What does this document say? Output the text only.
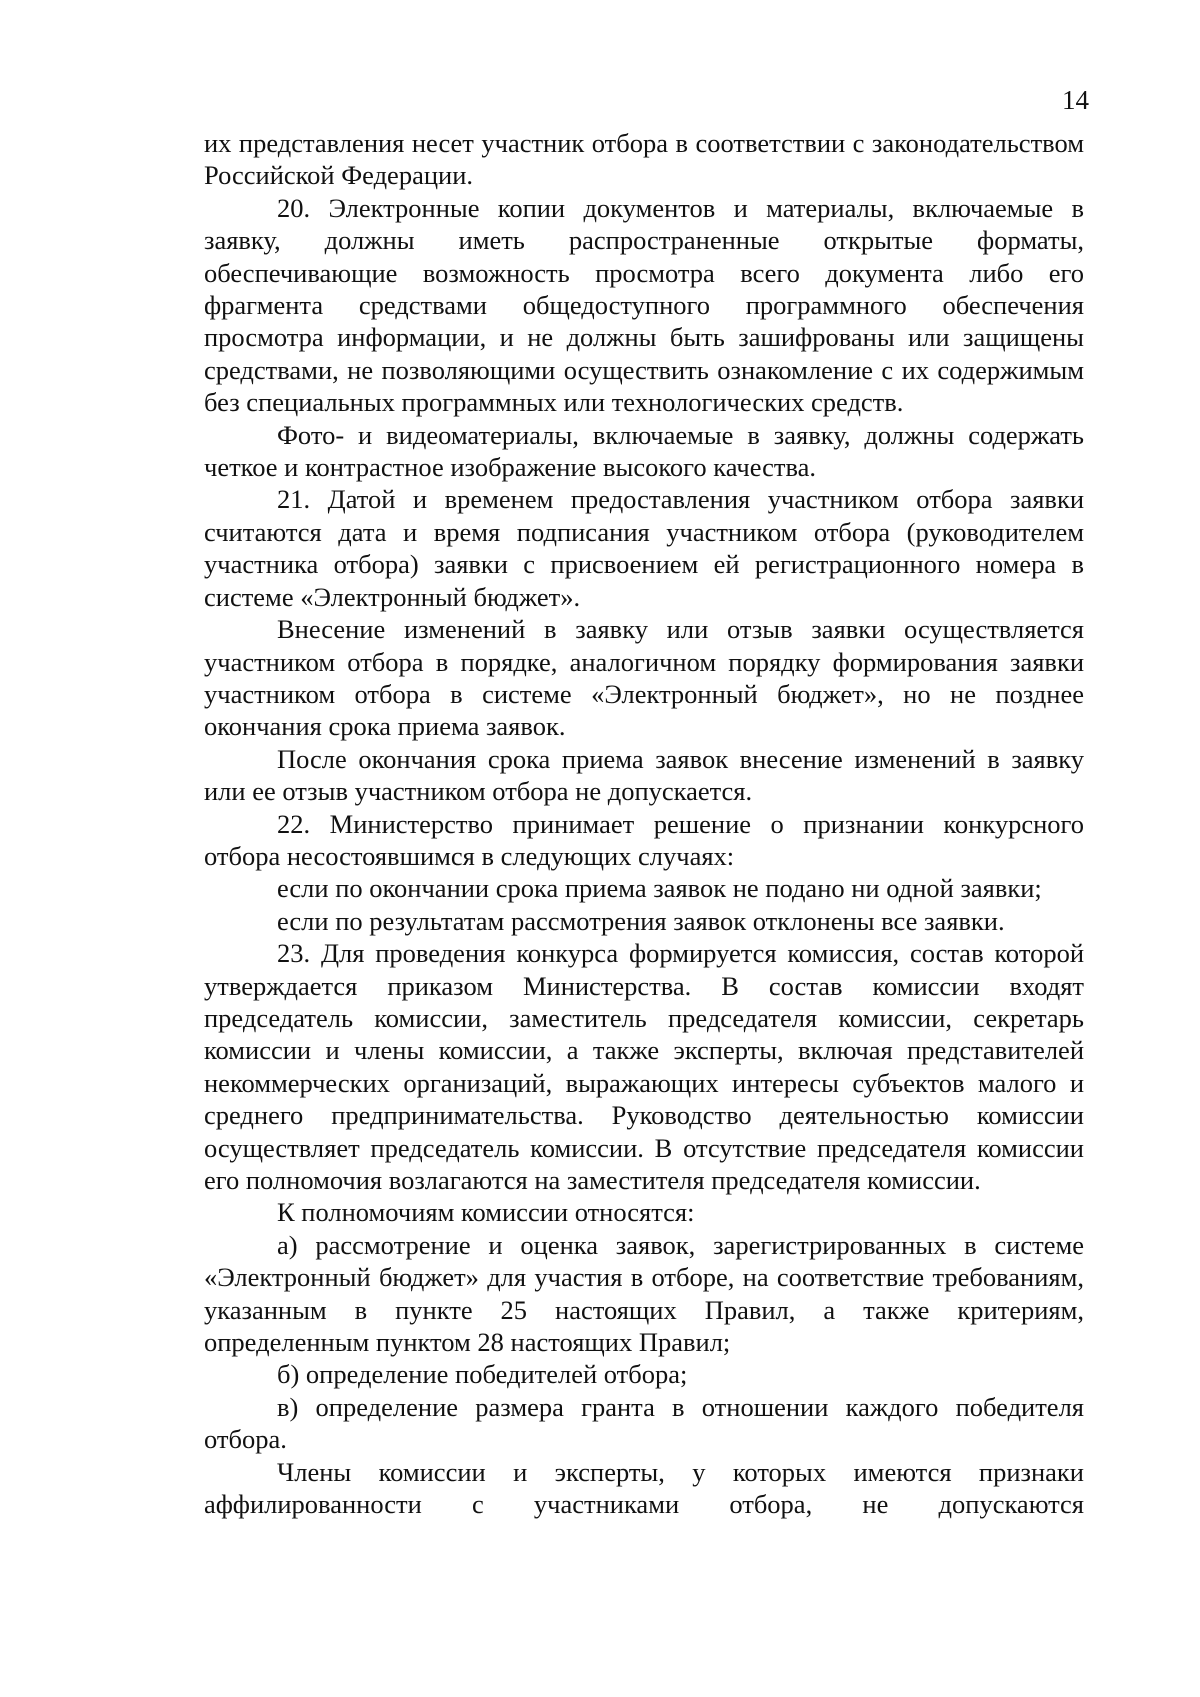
14

их представления несет участник отбора в соответствии с законодательством Российской Федерации.

20. Электронные копии документов и материалы, включаемые в заявку, должны иметь распространенные открытые форматы, обеспечивающие возможность просмотра всего документа либо его фрагмента средствами общедоступного программного обеспечения просмотра информации, и не должны быть зашифрованы или защищены средствами, не позволяющими осуществить ознакомление с их содержимым без специальных программных или технологических средств.

Фото- и видеоматериалы, включаемые в заявку, должны содержать четкое и контрастное изображение высокого качества.

21. Датой и временем предоставления участником отбора заявки считаются дата и время подписания участником отбора (руководителем участника отбора) заявки с присвоением ей регистрационного номера в системе «Электронный бюджет».

Внесение изменений в заявку или отзыв заявки осуществляется участником отбора в порядке, аналогичном порядку формирования заявки участником отбора в системе «Электронный бюджет», но не позднее окончания срока приема заявок.

После окончания срока приема заявок внесение изменений в заявку или ее отзыв участником отбора не допускается.

22. Министерство принимает решение о признании конкурсного отбора несостоявшимся в следующих случаях:

если по окончании срока приема заявок не подано ни одной заявки;

если по результатам рассмотрения заявок отклонены все заявки.

23. Для проведения конкурса формируется комиссия, состав которой утверждается приказом Министерства. В состав комиссии входят председатель комиссии, заместитель председателя комиссии, секретарь комиссии и члены комиссии, а также эксперты, включая представителей некоммерческих организаций, выражающих интересы субъектов малого и среднего предпринимательства. Руководство деятельностью комиссии осуществляет председатель комиссии. В отсутствие председателя комиссии его полномочия возлагаются на заместителя председателя комиссии.

К полномочиям комиссии относятся:

а) рассмотрение и оценка заявок, зарегистрированных в системе «Электронный бюджет» для участия в отборе, на соответствие требованиям, указанным в пункте 25 настоящих Правил, а также критериям, определенным пунктом 28 настоящих Правил;

б) определение победителей отбора;

в) определение размера гранта в отношении каждого победителя отбора.

Члены комиссии и эксперты, у которых имеются признаки аффилированности с участниками отбора, не допускаются
